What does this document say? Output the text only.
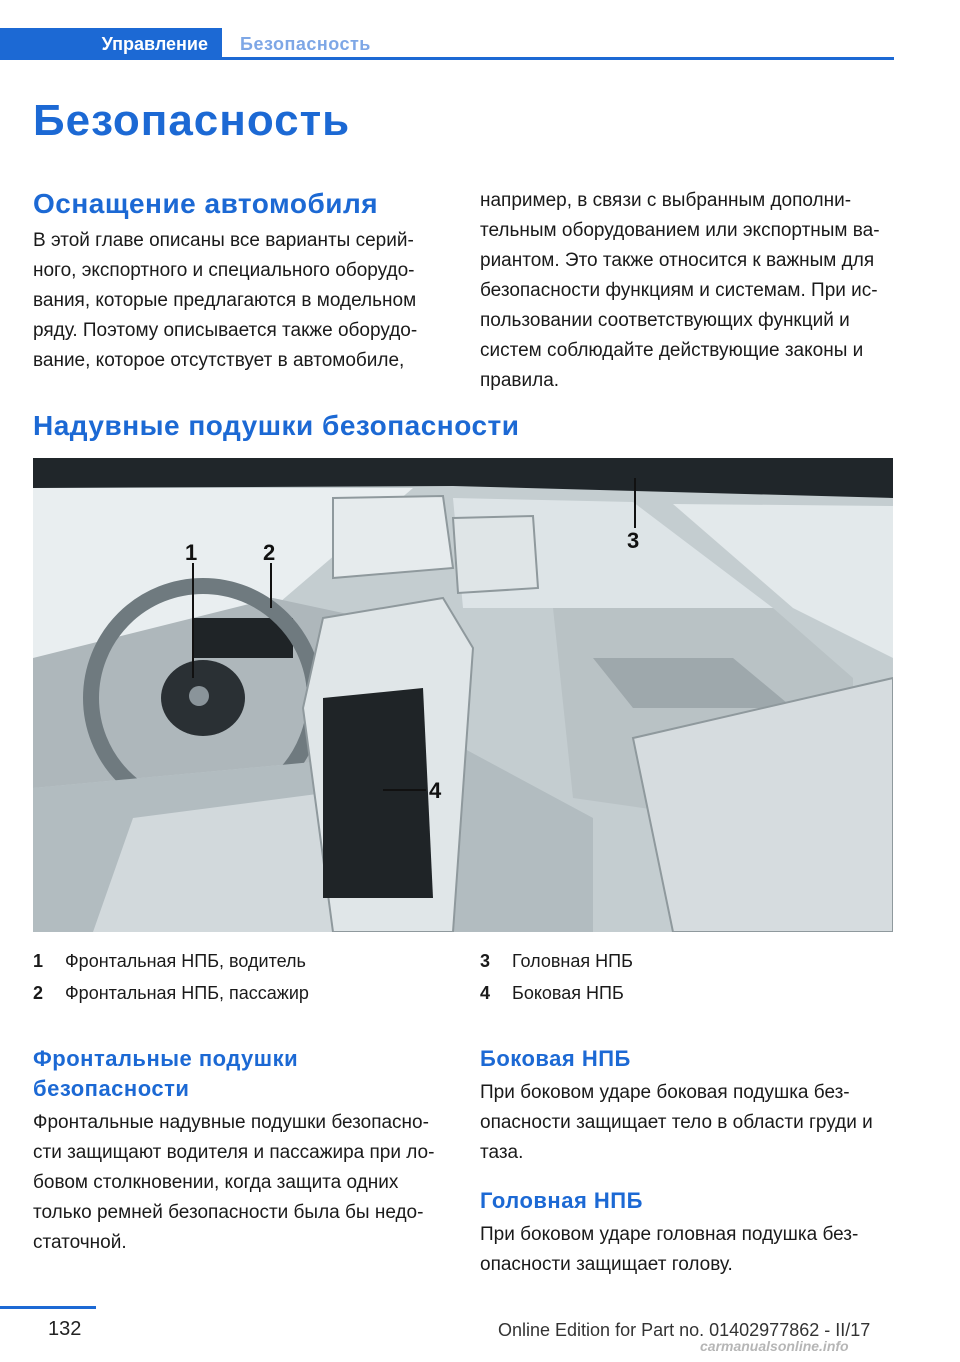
Управление Безопасность
Безопасность
Оснащение автомобиля

В этой главе описаны все варианты серий-

ного, экспортного и специального оборудо-

вания, которые предлагаются в модельном

ряду. Поэтому описывается также оборудо-

вание, которое отсутствует в автомобиле,

например, в связи с выбранным дополни-

тельным оборудованием или экспортным ва-

риантом. Это также относится к важным для

безопасности функциям и системам. При ис-

пользовании соответствующих функций и

систем соблюдайте действующие законы и

правила.

Надувные подушки безопасности
1	2	3
4
1	Фронтальная НПБ, водитель
2	Фронтальная НПБ, пассажир
3	Головная НПБ
4	Боковая НПБ
Фронтальные подушки
безопасности

Фронтальные надувные подушки безопасно-

сти защищают водителя и пассажира при ло-

бовом столкновении, когда защита одних

только ремней безопасности была бы недо-

статочной.

Боковая НПБ

При боковом ударе боковая подушка без-

опасности защищает тело в области груди и

таза.

Головная НПБ

При боковом ударе головная подушка без-

опасности защищает голову.

132	Online Edition for Part no. 01402977862 - II/17
carmanualsonline.info
